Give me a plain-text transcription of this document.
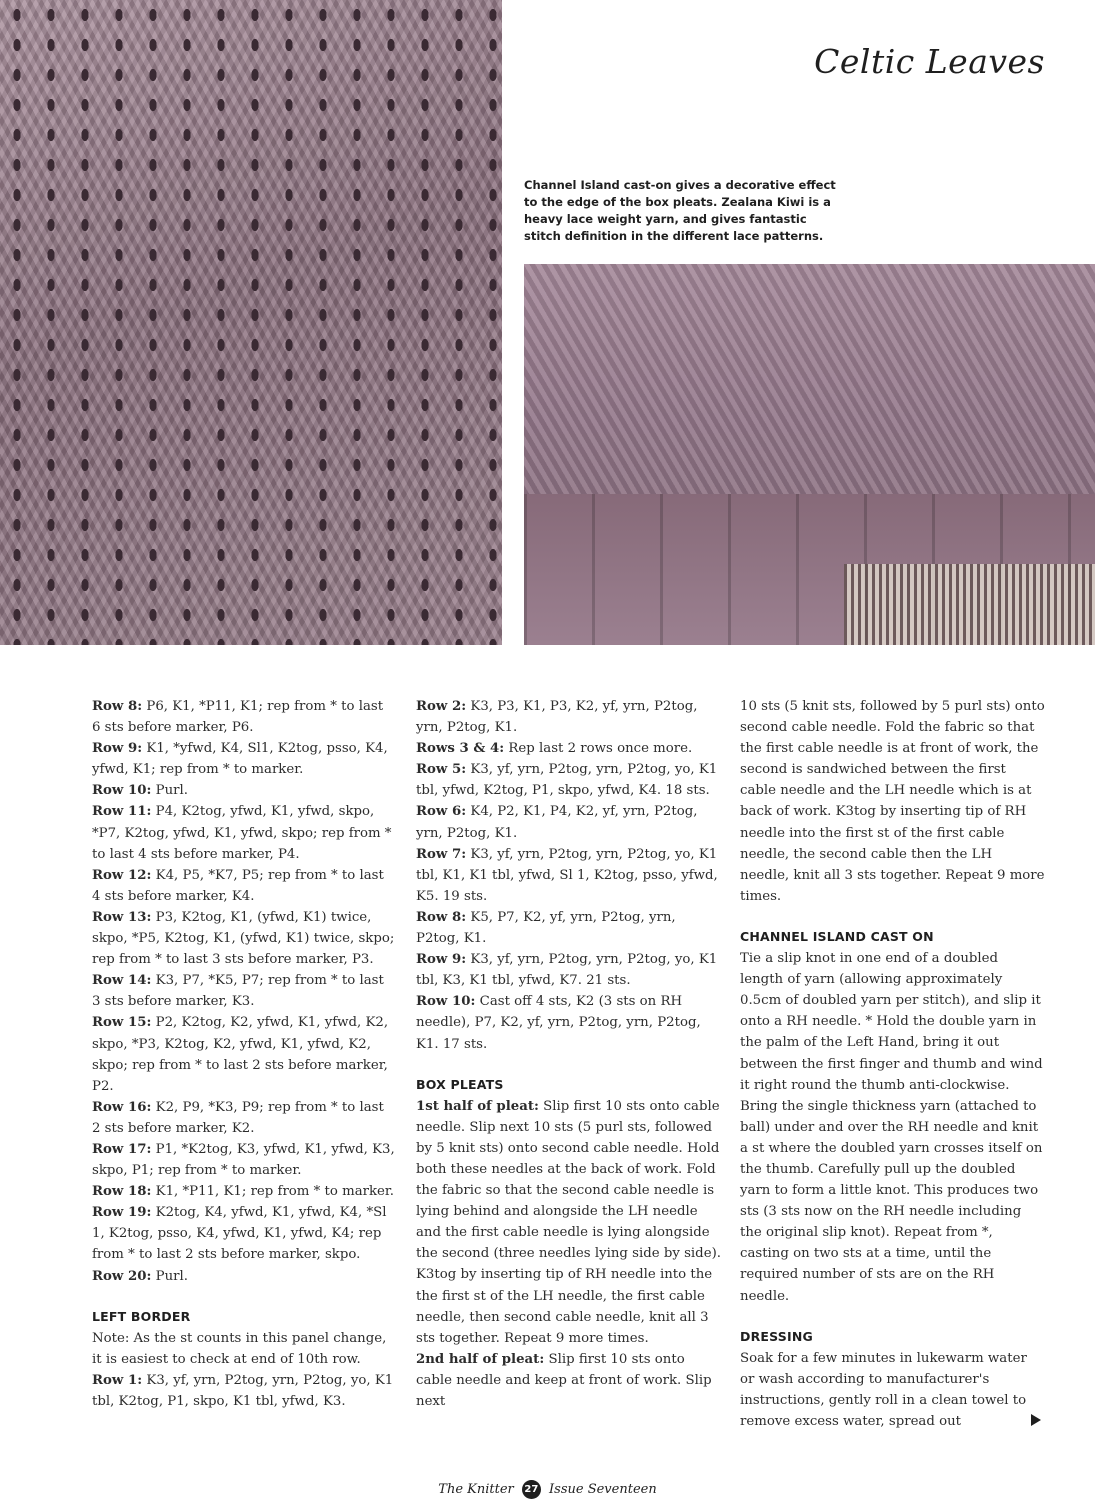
Celtic Leaves

Channel Island cast-on gives a decorative effect to the edge of the box pleats. Zealana Kiwi is a heavy lace weight yarn, and gives fantastic stitch definition in the different lace patterns.

Row 8: P6, K1, *P11, K1; rep from * to last 6 sts before marker, P6.

Row 9: K1, *yfwd, K4, Sl1, K2tog, psso, K4, yfwd, K1; rep from * to marker.

Row 10: Purl.

Row 11: P4, K2tog, yfwd, K1, yfwd, skpo, *P7, K2tog, yfwd, K1, yfwd, skpo; rep from * to last 4 sts before marker, P4.

Row 12: K4, P5, *K7, P5; rep from * to last 4 sts before marker, K4.

Row 13: P3, K2tog, K1, (yfwd, K1) twice, skpo, *P5, K2tog, K1, (yfwd, K1) twice, skpo; rep from * to last 3 sts before marker, P3.

Row 14: K3, P7, *K5, P7; rep from * to last 3 sts before marker, K3.

Row 15: P2, K2tog, K2, yfwd, K1, yfwd, K2, skpo, *P3, K2tog, K2, yfwd, K1, yfwd, K2, skpo; rep from * to last 2 sts before marker, P2.

Row 16: K2, P9, *K3, P9; rep from * to last 2 sts before marker, K2.

Row 17: P1, *K2tog, K3, yfwd, K1, yfwd, K3, skpo, P1; rep from * to marker.

Row 18: K1, *P11, K1; rep from * to marker.

Row 19: K2tog, K4, yfwd, K1, yfwd, K4, *Sl 1, K2tog, psso, K4, yfwd, K1, yfwd, K4; rep from * to last 2 sts before marker, skpo.

Row 20: Purl.

LEFT BORDER

Note: As the st counts in this panel change, it is easiest to check at end of 10th row.

Row 1: K3, yf, yrn, P2tog, yrn, P2tog, yo, K1 tbl, K2tog, P1, skpo, K1 tbl, yfwd, K3.

Row 2: K3, P3, K1, P3, K2, yf, yrn, P2tog, yrn, P2tog, K1.

Rows 3 & 4: Rep last 2 rows once more.

Row 5: K3, yf, yrn, P2tog, yrn, P2tog, yo, K1 tbl, yfwd, K2tog, P1, skpo, yfwd, K4. 18 sts.

Row 6: K4, P2, K1, P4, K2, yf, yrn, P2tog, yrn, P2tog, K1.

Row 7: K3, yf, yrn, P2tog, yrn, P2tog, yo, K1 tbl, K1, K1 tbl, yfwd, Sl 1, K2tog, psso, yfwd, K5. 19 sts.

Row 8: K5, P7, K2, yf, yrn, P2tog, yrn, P2tog, K1.

Row 9: K3, yf, yrn, P2tog, yrn, P2tog, yo, K1 tbl, K3, K1 tbl, yfwd, K7. 21 sts.

Row 10: Cast off 4 sts, K2 (3 sts on RH needle), P7, K2, yf, yrn, P2tog, yrn, P2tog, K1. 17 sts.

BOX PLEATS

1st half of pleat: Slip first 10 sts onto cable needle. Slip next 10 sts (5 purl sts, followed by 5 knit sts) onto second cable needle. Hold both these needles at the back of work. Fold the fabric so that the second cable needle is lying behind and alongside the LH needle and the first cable needle is lying alongside the second (three needles lying side by side). K3tog by inserting tip of RH needle into the the first st of the LH needle, the first cable needle, then second cable needle, knit all 3 sts together. Repeat 9 more times.

2nd half of pleat: Slip first 10 sts onto cable needle and keep at front of work. Slip next

10 sts (5 knit sts, followed by 5 purl sts) onto second cable needle. Fold the fabric so that the first cable needle is at front of work, the second is sandwiched between the first cable needle and the LH needle which is at back of work. K3tog by inserting tip of RH needle into the first st of the first cable needle, the second cable then the LH needle, knit all 3 sts together. Repeat 9 more times.

CHANNEL ISLAND CAST ON

Tie a slip knot in one end of a doubled length of yarn (allowing approximately 0.5cm of doubled yarn per stitch), and slip it onto a RH needle. * Hold the double yarn in the palm of the Left Hand, bring it out between the first finger and thumb and wind it right round the thumb anti-clockwise. Bring the single thickness yarn (attached to ball) under and over the RH needle and knit a st where the doubled yarn crosses itself on the thumb. Carefully pull up the doubled yarn to form a little knot. This produces two sts (3 sts now on the RH needle including the original slip knot). Repeat from *, casting on two sts at a time, until the required number of sts are on the RH needle.

DRESSING

Soak for a few minutes in lukewarm water or wash according to manufacturer's instructions, gently roll in a clean towel to remove excess water, spread out

The Knitter 27 Issue Seventeen
